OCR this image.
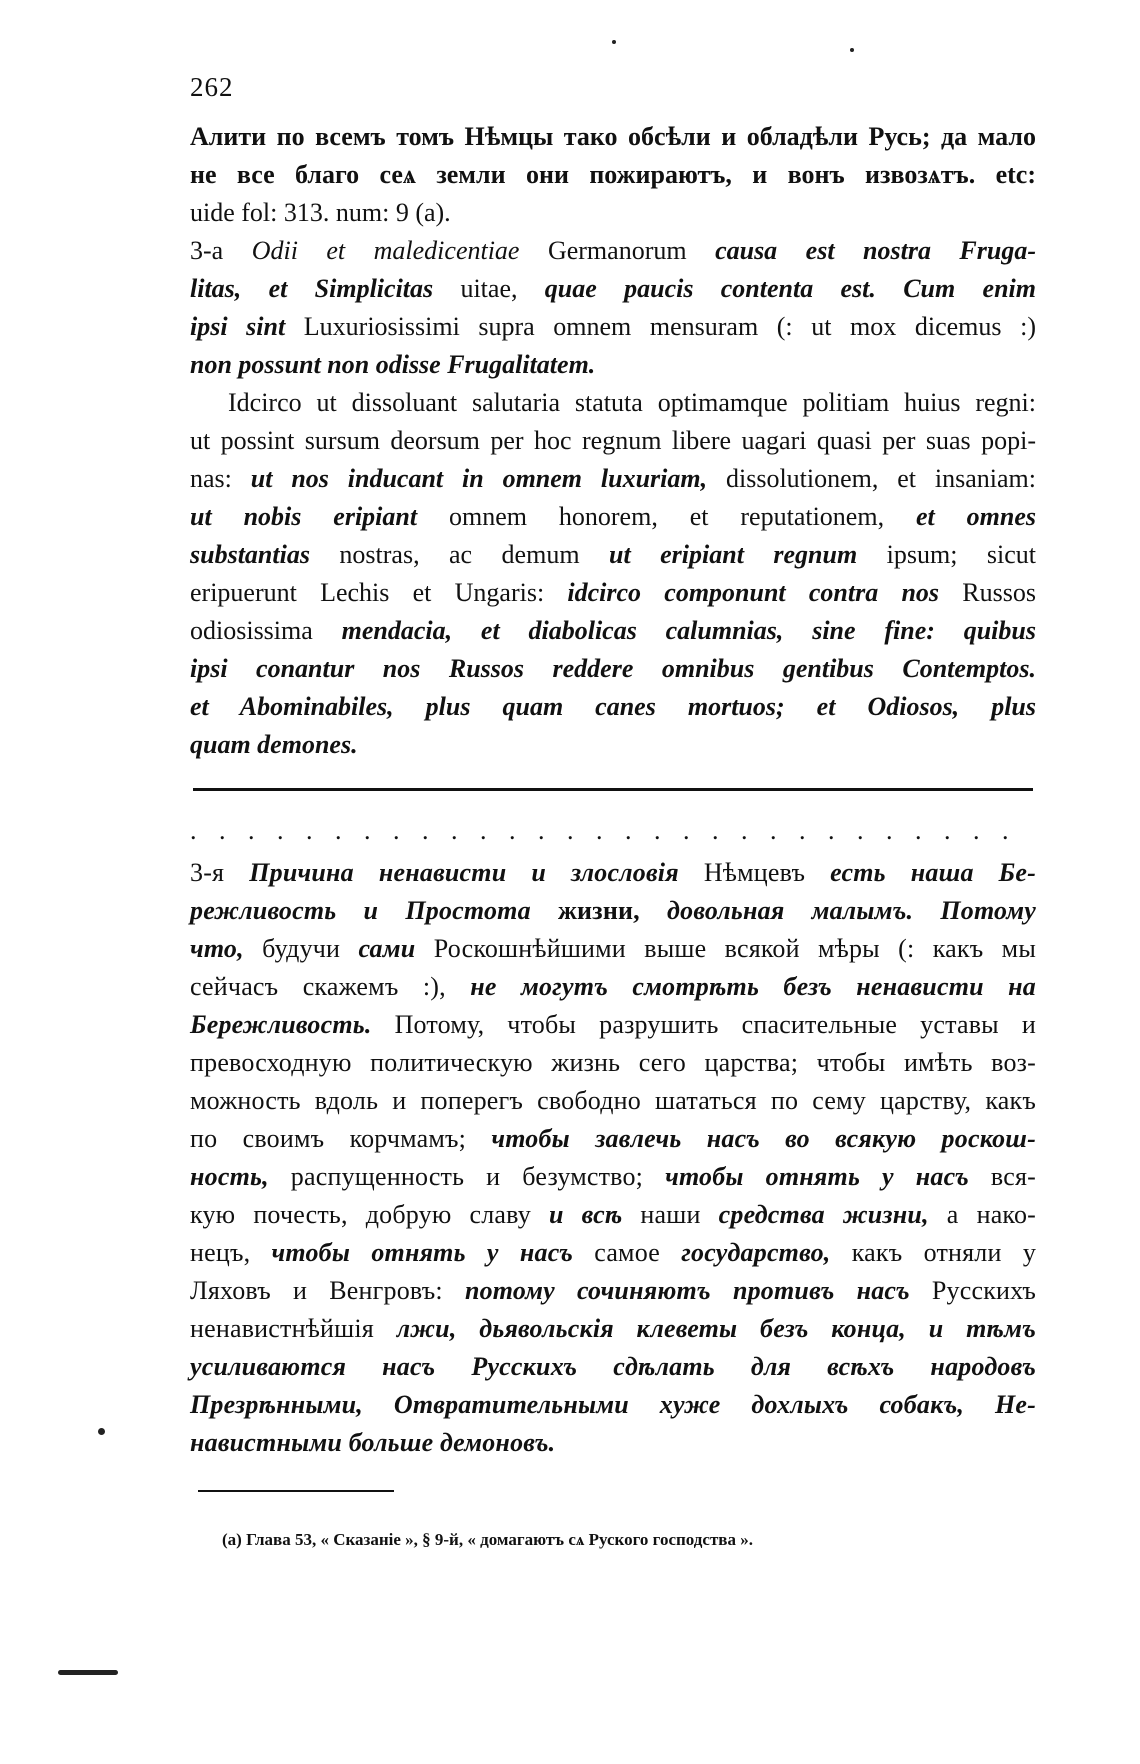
262
Алити по всемъ томъ Нѣмцы тако обсѣли и обладѣли Русь; да мало
не все благо сеѧ земли они пожираютъ, и вонъ извозѧтъ. etc:
uide fol: 313. num: 9 (a).
3-a Odii et maledicentiae Germanorum causa est nostra Fruga-
litas, et Simplicitas uitae, quae paucis contenta est. Cum enim
ipsi sint Luxuriosissimi supra omnem mensuram (: ut mox dicemus :)
non possunt non odisse Frugalitatem.
Idcirco ut dissoluant salutaria statuta optimamque politiam huius regni:
ut possint sursum deorsum per hoc regnum libere uagari quasi per suas popi-
nas: ut nos inducant in omnem luxuriam, dissolutionem, et insaniam:
ut nobis eripiant omnem honorem, et reputationem, et omnes
substantias nostras, ac demum ut eripiant regnum ipsum; sicut
eripuerunt Lechis et Ungaris: idcirco componunt contra nos Russos
odiosissima mendacia, et diabolicas calumnias, sine fine: quibus
ipsi conantur nos Russos reddere omnibus gentibus Contemptos.
et Abominabiles, plus quam canes mortuos; et Odiosos, plus
quam demones.
. . . . . . . . . . . . . . . . . . . . . . . . . . . . .
3-я Причина ненависти и злословія Нѣмцевъ есть наша Бе-
режливость и Простота жизни, довольная малымъ. Потому
что, будучи сами Роскошнѣйшими выше всякой мѣры (: какъ мы
сейчасъ скажемъ :), не могутъ смотрѣть безъ ненависти на
Бережливость. Потому, чтобы разрушить спасительные уставы и
превосходную политическую жизнь сего царства; чтобы имѣть воз-
можность вдоль и поперегъ свободно шататься по сему царству, какъ
по своимъ корчмамъ; чтобы завлечь насъ во всякую роскош-
ность, распущенность и безумство; чтобы отнять у насъ вся-
кую почесть, добрую славу и всѣ наши средства жизни, а нако-
нецъ, чтобы отнять у насъ самое государство, какъ отняли у
Ляховъ и Венгровъ: потому сочиняютъ противъ насъ Русскихъ
ненавистнѣйшія лжи, дьявольскія клеветы безъ конца, и тѣмъ
усиливаются насъ Русскихъ сдѣлать для всѣхъ народовъ
Презрѣнными, Отвратительными хуже дохлыхъ собакъ, Не-
навистными больше демоновъ.
(а) Глава 53, « Сказаніе », § 9-й, « домагаютъ сѧ Руского господства ».
